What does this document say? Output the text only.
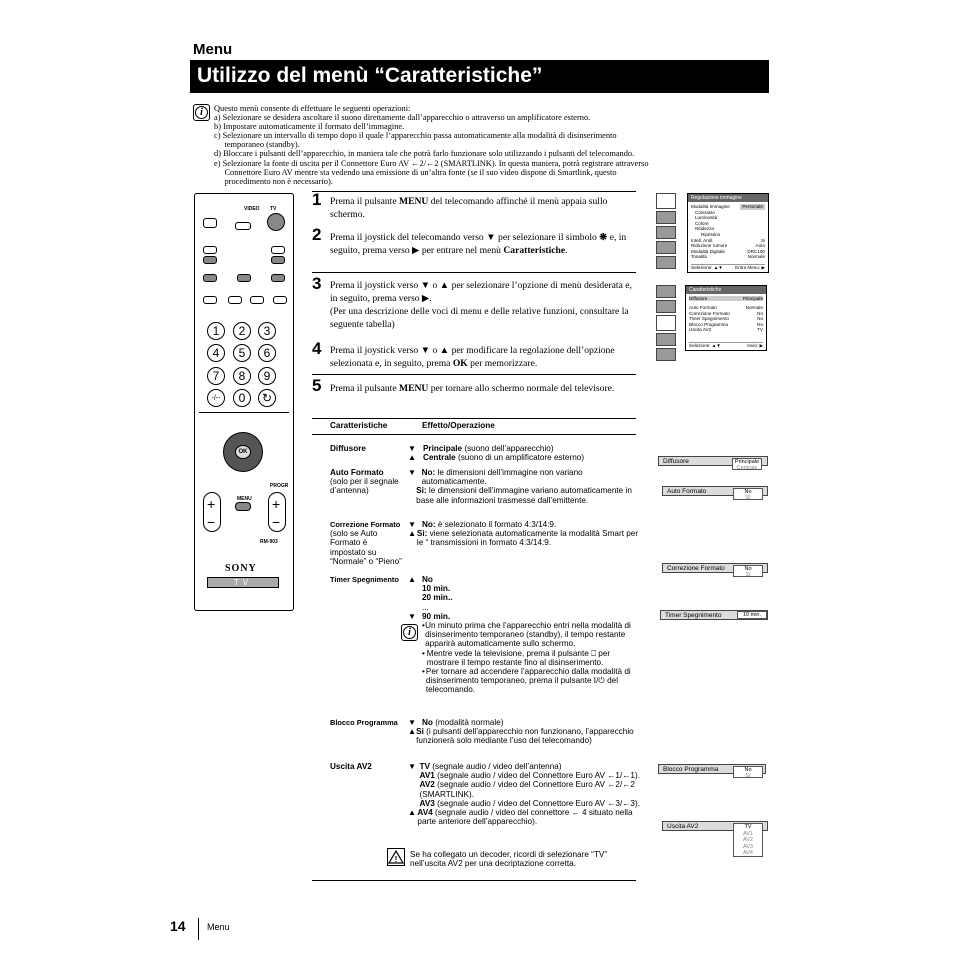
Menu
Utilizzo del menù “Caratteristiche”
i	Questo menù consente di effettuare le seguenti operazioni:
a) Selezionare se desidera ascoltare il suono direttamente dall’apparecchio o attraverso un amplificatore esterno.
b) Impostare automaticamente il formato dell’immagine.
c) Selezionare un intervallo di tempo dopo il quale l’apparecchio passa automaticamente alla modalità di disinserimento
temporaneo (standby).
d) Bloccare i pulsanti dell’apparecchio, in maniera tale che potrà farlo funzionare solo utilizzando i pulsanti del telecomando.
e) Selezionare la fonte di uscita per il Connettore Euro AV ←2/←2 (SMARTLINK). In questa maniera, potrà registrare attraverso
Connettore Euro AV mentre sta vedendo una emissione di un’altra fonte (se il suo video dispone di Smartlink, questo
procedimento non è necessario).
VIDEO TV
1	2	3
4	5	6
7	8	9
-/--	0	↻
OK
PROGR
+
−
+
−
MENU
RM-903
SONY
TV
1 Prema il pulsante MENU del telecomando affinché il menù appaia sullo schermo.
2 Prema il joystick del telecomando verso ▼ per selezionare il simbolo ❋ e, in seguito, prema verso ▶ per entrare nel menù Caratteristiche.
3 Prema il joystick verso ▼ o ▲ per selezionare l’opzione di menù desiderata e, in seguito, prema verso ▶.
(Per una descrizione delle voci di menu e delle relative funzioni, consultare la seguente tabella)
4 Prema il joystick verso ▼ o ▲ per modificare la regolazione dell’opzione selezionata e, in seguito, prema OK per memorizzare.
5 Prema il pulsante MENU per tornare allo schermo normale del televisore.
Caratteristiche	Effetto/Operazione
Diffusore	▼ Principale (suono dell’apparecchio)
▲ Centrale (suono di un amplificatore esterno)
Auto Formato
(solo per il segnale d’antenna)
▼ No: le dimensioni dell’immagine non variano automaticamente.
Si: le dimensioni dell’immagine variano automaticamente in base alle informazioni trasmesse dall’emittente.
Correzione Formato
(solo se Auto Formato è impostato su “Normale” o “Pieno”
▼ No: è selezionato il formato 4:3/14:9.
▲ Si: viene selezionata automaticamente la modalità Smart per le “ transmissioni in formato 4:3/14:9.
Timer Spegnimento ▲ No
10 min.
20 min..
...
▼ 90 min.
• Un minuto prima che l’apparecchio entri nella modalità di disinserimento temporaneo (standby), il tempo restante apparirà automaticamente sullo schermo.
• Mentre vede la televisione, prema il pulsante ⎕ per mostrare il tempo restante fino al disinserimento.
• Per tornare ad accendere l’apparecchio dalla modalità di disinserimento temporaneo, prema il pulsante I/⏻ del telecomando.
i
Blocco Programma ▼ No (modalità normale)
▲ Si (i pulsanti dell’apparecchio non funzionano, l’apparecchio funzionerà solo mediante l’uso del telecomando)
Uscita AV2	▼ TV (segnale audio / video dell’antenna)
AV1 (segnale audio / video del Connettore Euro AV ←1/←1).
AV2 (segnale audio / video del Connettore Euro AV ←2/←2 (SMARTLINK).
AV3 (segnale audio / video del Connettore Euro AV ←3/←3).
▲ AV4 (segnale audio / video del connettore ← 4 situato nella parte anteriore dell’apparecchio).
!
Se ha collegato un decoder, ricordi di selezionare “TV” nell’uscita AV2 per una decriptazione corretta.
Regolazione immagine
Modalità Immagine	Personale
Contrasto
Luminosità
Colore
Nitidezza
Ripristino
Intell. Antil.	Si
Riduzione rumore	Auto
Modalità Digitale	DRC100
Tonalità	Normale
Selezione: ▲▼	Entra Menu: ▶
Caratteristiche
Diffusore	Principale
Auto Formato	Normale
Correzione Formato	No
Timer Spegnimento	No
Blocco Programma	No
Uscita AV2	TV
Selezione: ▲▼	Invio: ▶
Diffusore	Principale
Centrale
Auto Formato	No
Si
Correzione Formato	No
Si
Timer Spegnimento	10 min.
Blocco Programma	No
Si
Uscita AV2	TV
AV1
AV2
AV3
AV4
14 Menu
